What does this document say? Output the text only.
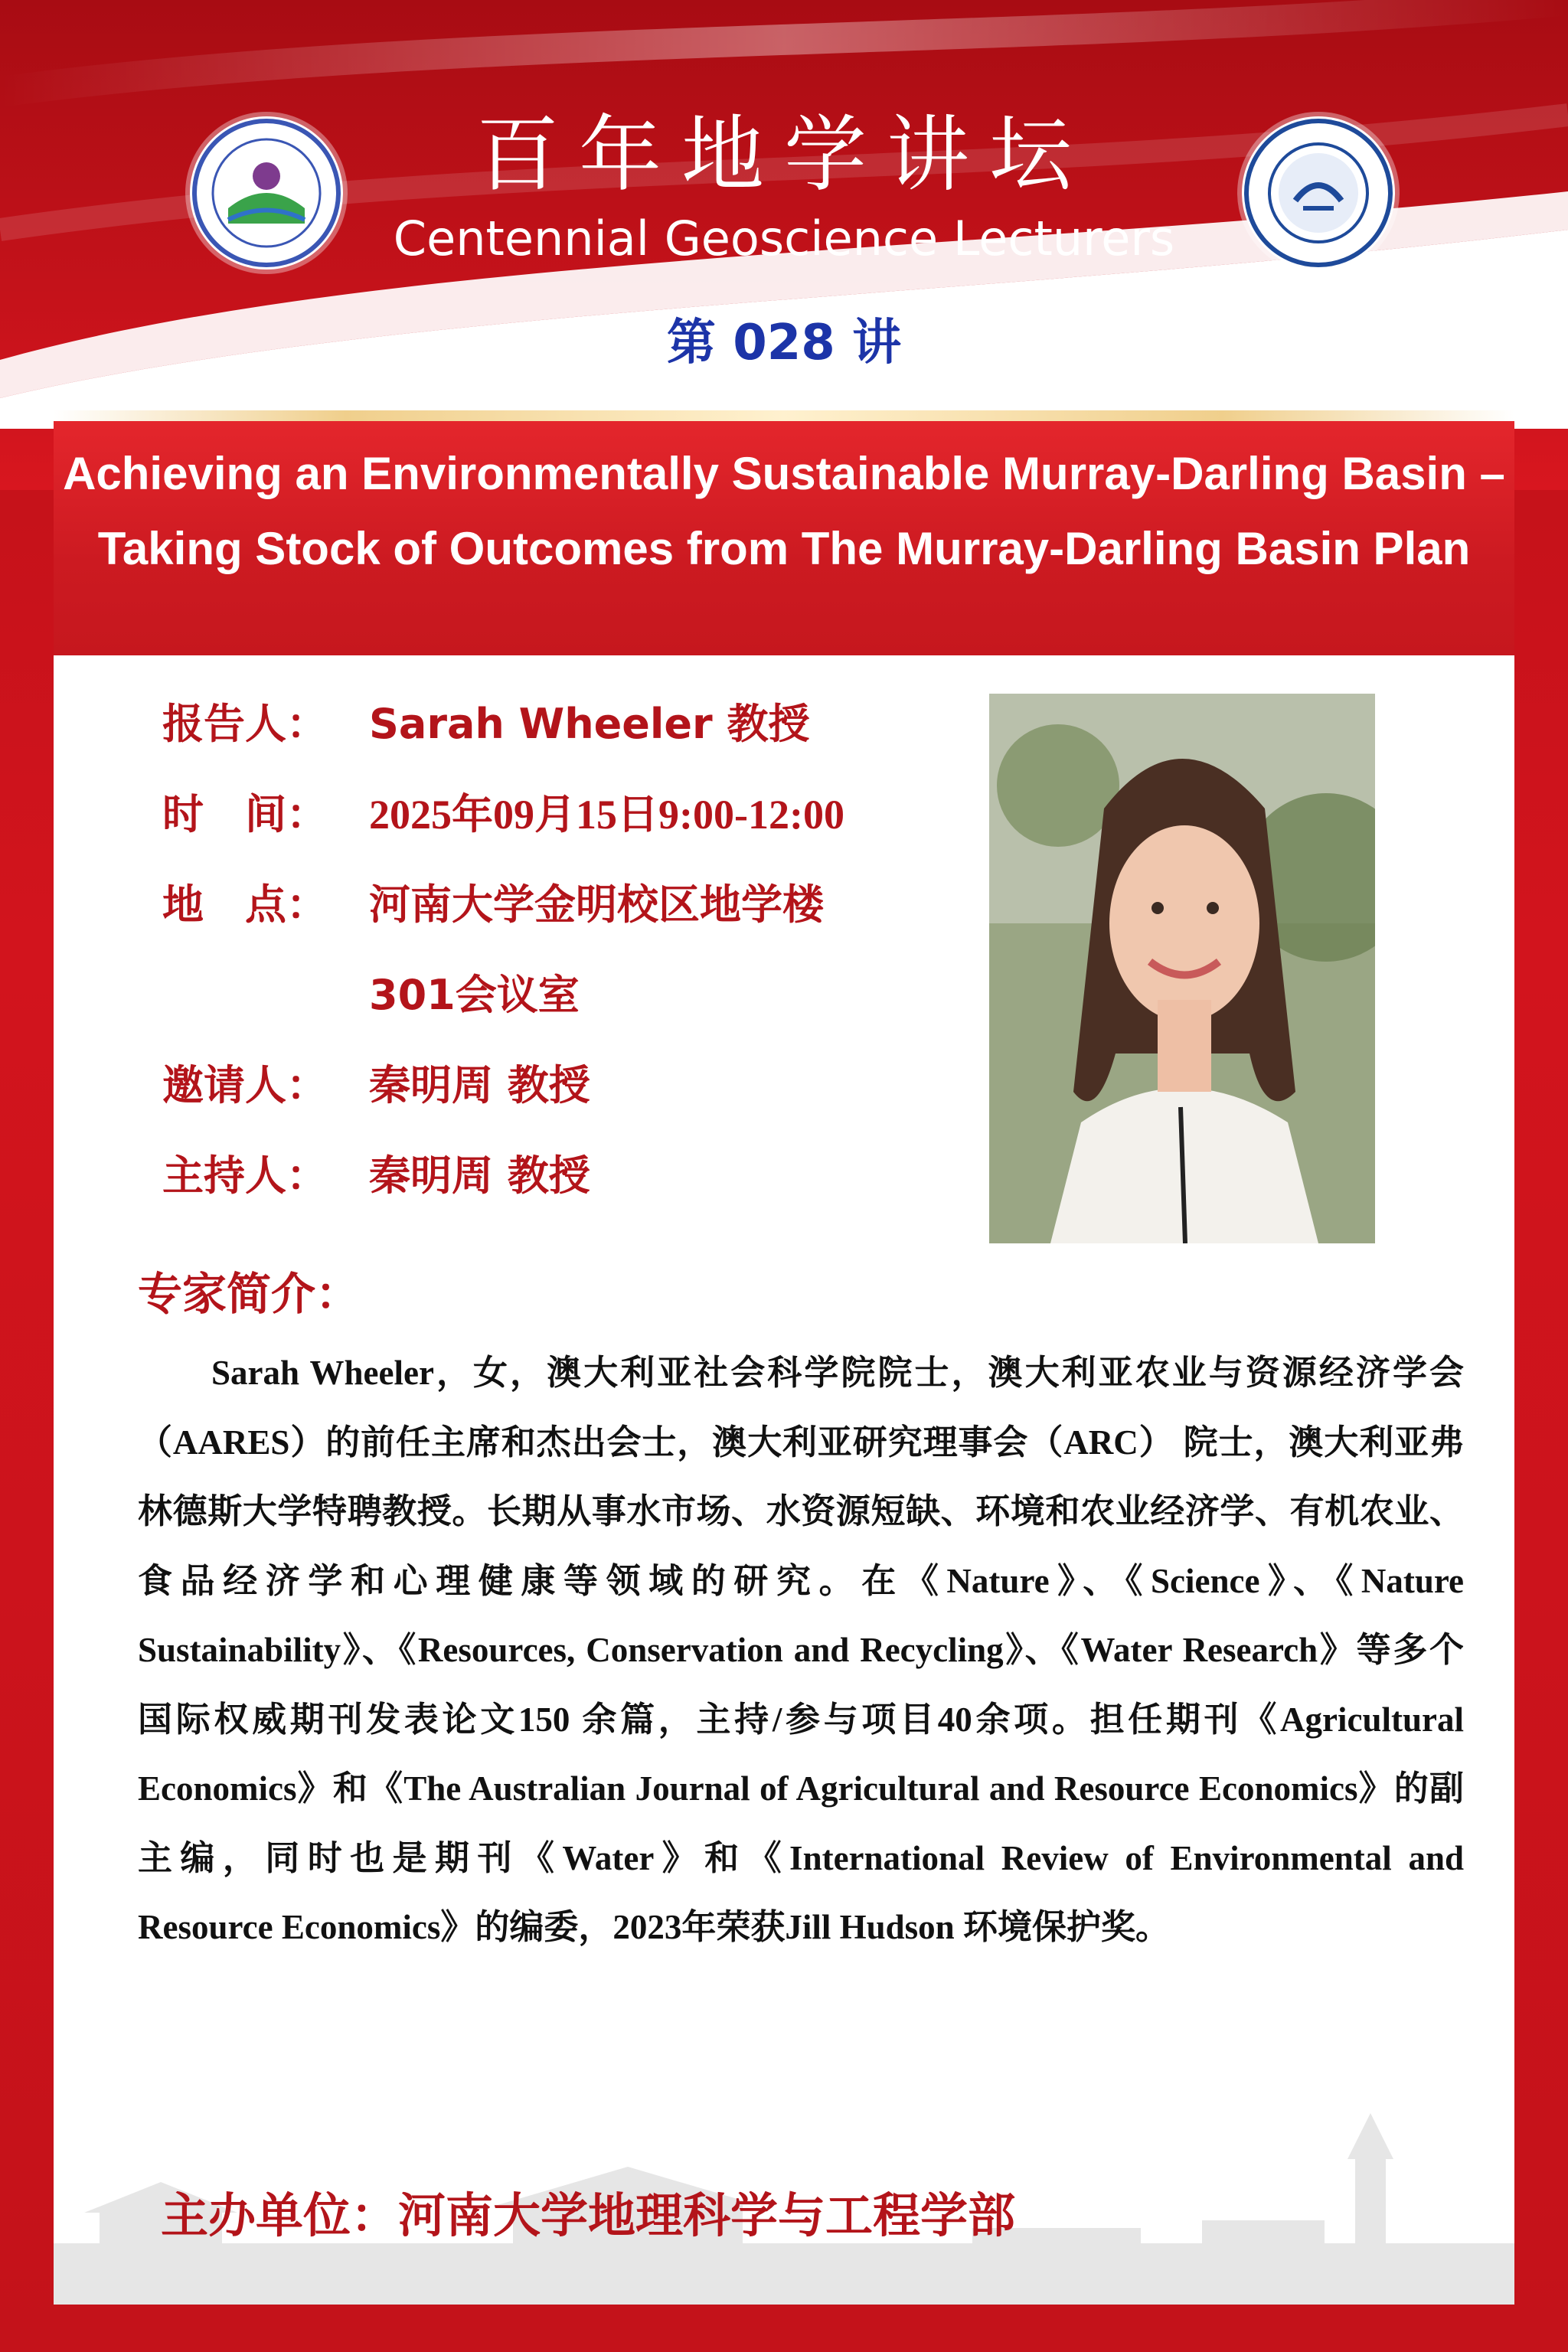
百年地学讲坛
Centennial Geoscience Lecturers
第 028 讲
Achieving an Environmentally Sustainable Murray-Darling Basin – Taking Stock of Outcomes from The Murray-Darling Basin Plan
报告人： Sarah Wheeler 教授
时　间： 2025年09月15日9:00-12:00
地　点： 河南大学金明校区地学楼
301会议室
邀请人： 秦明周 教授
主持人： 秦明周 教授
专家简介：
Sarah Wheeler，女，澳大利亚社会科学院院士，澳大利亚农业与资源经济学会（AARES）的前任主席和杰出会士，澳大利亚研究理事会（ARC） 院士，澳大利亚弗林德斯大学特聘教授。长期从事水市场、水资源短缺、环境和农业经济学、有机农业、食品经济学和心理健康等领域的研究。在《Nature》、《Science》、《Nature Sustainability》、《Resources, Conservation and Recycling》、《Water Research》等多个国际权威期刊发表论文150 余篇，主持/参与项目40余项。担任期刊《Agricultural Economics》和《The Australian Journal of Agricultural and Resource Economics》的副主编，同时也是期刊《Water》和《International Review of Environmental and Resource Economics》的编委，2023年荣获Jill Hudson 环境保护奖。
主办单位：河南大学地理科学与工程学部
